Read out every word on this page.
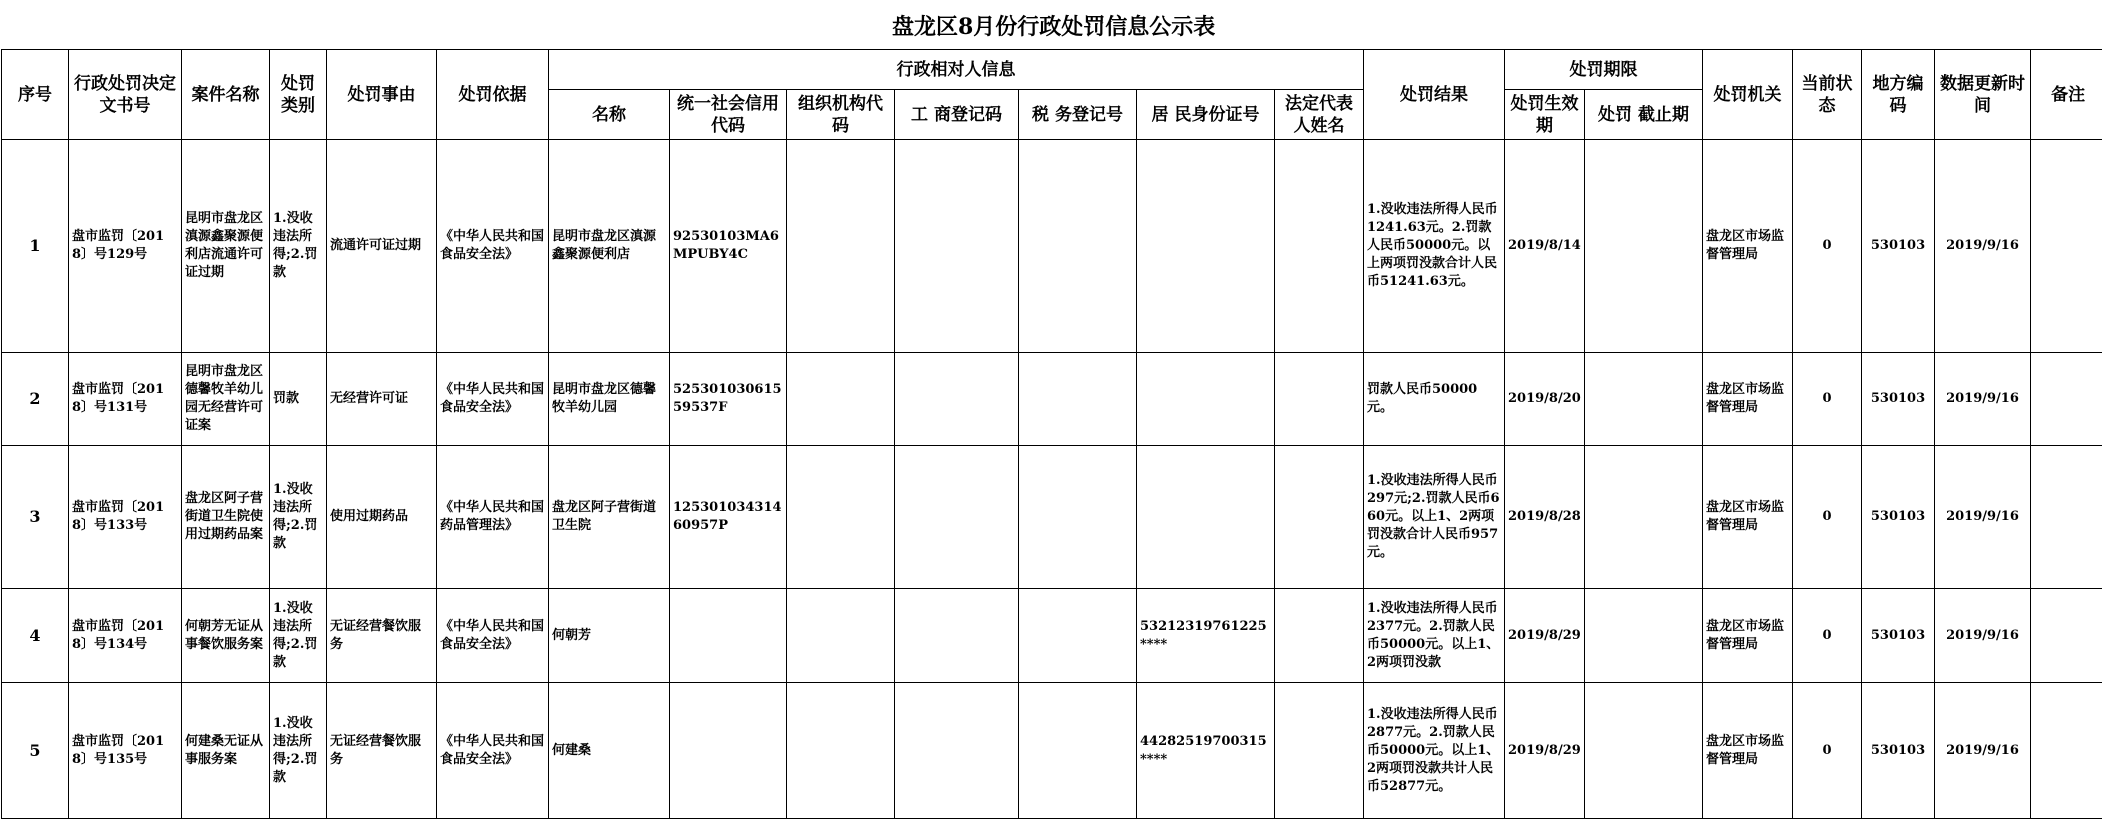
盘龙区8月份行政处罚信息公示表																				
序号	行政处罚决定文书号	案件名称	处罚类别	处罚事由	处罚依据	行政相对人信息							处罚结果	处罚期限		处罚机关	当前状态	地方编码	数据更新时间	备注
						名称	统一社会信用代码	组织机构代 码	工 商登记码	税 务登记号	居 民身份证号	法定代表人姓名		处罚生效期	处罚 截止期					
1	盘市监罚〔2018〕号129号	昆明市盘龙区滇源鑫聚源便利店流通许可证过期	1.没收违法所得;2.罚款	流通许可证过期	《中华人民共和国食品安全法》	昆明市盘龙区滇源鑫聚源便利店	92530103MA6MPUBY4C						1.没收违法所得人民币1241.63元。2.罚款人民币50000元。以上两项罚没款合计人民币51241.63元。	2019/8/14		盘龙区市场监督管理局	0	530103	2019/9/16	
2	盘市监罚〔2018〕号131号	昆明市盘龙区德馨牧羊幼儿园无经营许可证案	罚款	无经营许可证	《中华人民共和国食品安全法》	昆明市盘龙区德馨牧羊幼儿园	52530103061559537F						罚款人民币50000元。	2019/8/20		盘龙区市场监督管理局	0	530103	2019/9/16	
3	盘市监罚〔2018〕号133号	盘龙区阿子营街道卫生院使用过期药品案	1.没收违法所得;2.罚款	使用过期药品	《中华人民共和国药品管理法》	盘龙区阿子营街道卫生院	12530103431460957P						1.没收违法所得人民币297元;2.罚款人民币660元。以上1、2两项罚没款合计人民币957元。	2019/8/28		盘龙区市场监督管理局	0	530103	2019/9/16	
4	盘市监罚〔2018〕号134号	何朝芳无证从事餐饮服务案	1.没收违法所得;2.罚款	无证经营餐饮服务	《中华人民共和国食品安全法》	何朝芳					53212319761225****		1.没收违法所得人民币2377元。2.罚款人民币50000元。以上1、2两项罚没款	2019/8/29		盘龙区市场监督管理局	0	530103	2019/9/16	
5	盘市监罚〔2018〕号135号	何建桑无证从事服务案	1.没收违法所得;2.罚款	无证经营餐饮服务	《中华人民共和国食品安全法》	何建桑					44282519700315****		1.没收违法所得人民币2877元。2.罚款人民币50000元。以上1、2两项罚没款共计人民币52877元。	2019/8/29		盘龙区市场监督管理局	0	530103	2019/9/16	
